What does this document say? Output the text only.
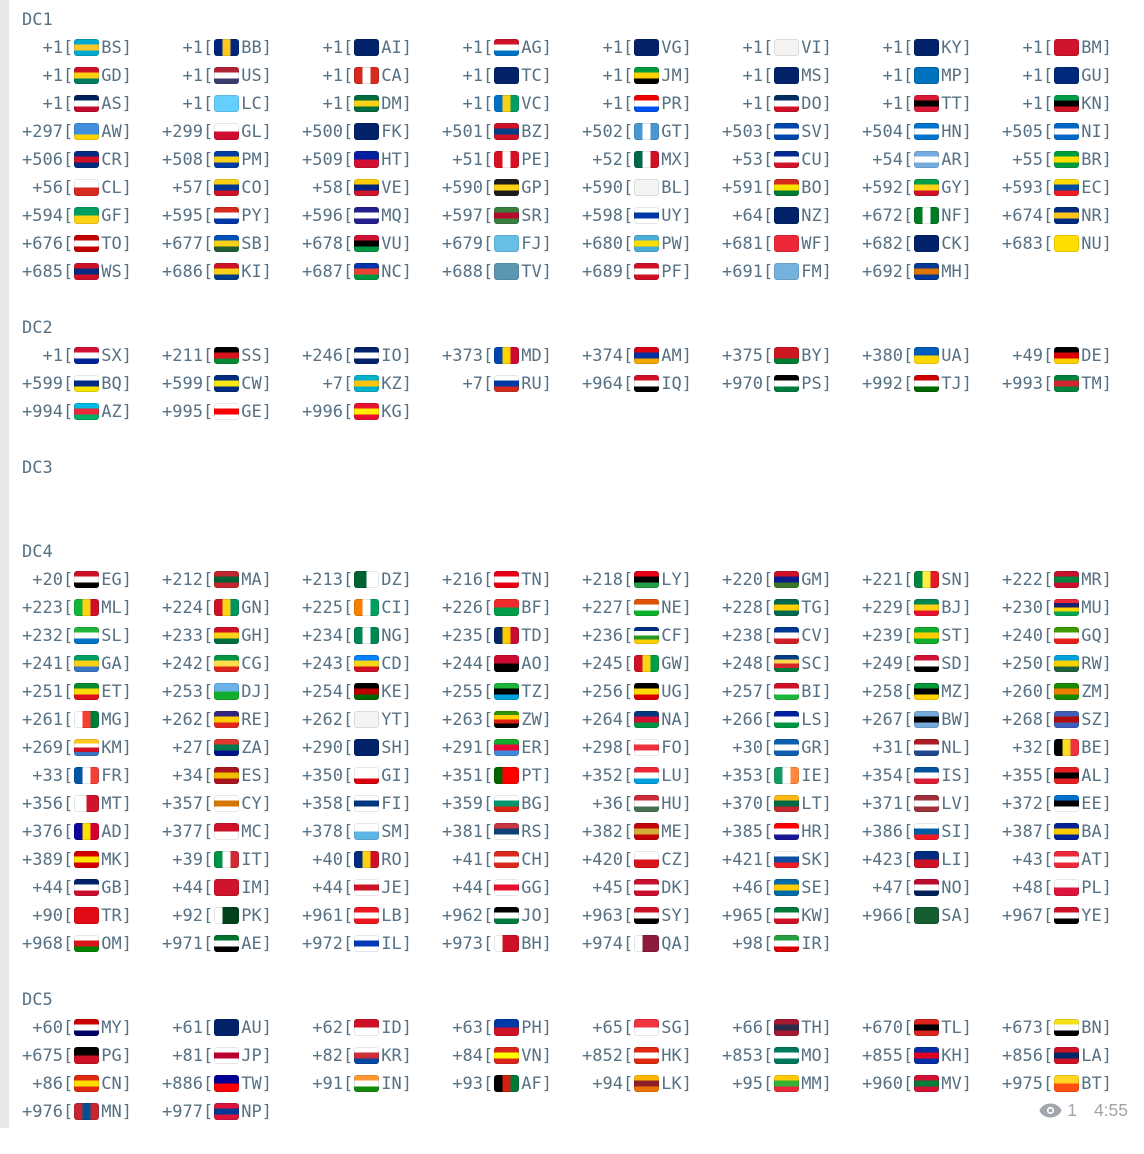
DC1
+1[ BS]	+1[ BB]	+1[ AI]	+1[ AG]	+1[ VG]	+1[ VI]	+1[ KY]	+1[ BM]
+1[ GD]	+1[ US]	+1[ CA]	+1[ TC]	+1[ JM]	+1[ MS]	+1[ MP]	+1[ GU]
+1[ AS]	+1[ LC]	+1[ DM]	+1[ VC]	+1[ PR]	+1[ DO]	+1[ TT]	+1[ KN]
+297[ AW]	+299[ GL]	+500[ FK]	+501[ BZ]	+502[ GT]	+503[ SV]	+504[ HN]	+505[ NI]
+506[ CR]	+508[ PM]	+509[ HT]	+51[ PE]	+52[ MX]	+53[ CU]	+54[ AR]	+55[ BR]
+56[ CL]	+57[ CO]	+58[ VE]	+590[ GP]	+590[ BL]	+591[ BO]	+592[ GY]	+593[ EC]
+594[ GF]	+595[ PY]	+596[ MQ]	+597[ SR]	+598[ UY]	+64[ NZ]	+672[ NF]	+674[ NR]
+676[ TO]	+677[ SB]	+678[ VU]	+679[ FJ]	+680[ PW]	+681[ WF]	+682[ CK]	+683[ NU]
+685[ WS]	+686[ KI]	+687[ NC]	+688[ TV]	+689[ PF]	+691[ FM]	+692[ MH]
DC2
+1[ SX]	+211[ SS]	+246[ IO]	+373[ MD]	+374[ AM]	+375[ BY]	+380[ UA]	+49[ DE]
+599[ BQ]	+599[ CW]	+7[ KZ]	+7[ RU]	+964[ IQ]	+970[ PS]	+992[ TJ]	+993[ TM]
+994[ AZ]	+995[ GE]	+996[ KG]
DC3
DC4
+20[ EG]	+212[ MA]	+213[ DZ]	+216[ TN]	+218[ LY]	+220[ GM]	+221[ SN]	+222[ MR]
+223[ ML]	+224[ GN]	+225[ CI]	+226[ BF]	+227[ NE]	+228[ TG]	+229[ BJ]	+230[ MU]
+232[ SL]	+233[ GH]	+234[ NG]	+235[ TD]	+236[ CF]	+238[ CV]	+239[ ST]	+240[ GQ]
+241[ GA]	+242[ CG]	+243[ CD]	+244[ AO]	+245[ GW]	+248[ SC]	+249[ SD]	+250[ RW]
+251[ ET]	+253[ DJ]	+254[ KE]	+255[ TZ]	+256[ UG]	+257[ BI]	+258[ MZ]	+260[ ZM]
+261[ MG]	+262[ RE]	+262[ YT]	+263[ ZW]	+264[ NA]	+266[ LS]	+267[ BW]	+268[ SZ]
+269[ KM]	+27[ ZA]	+290[ SH]	+291[ ER]	+298[ FO]	+30[ GR]	+31[ NL]	+32[ BE]
+33[ FR]	+34[ ES]	+350[ GI]	+351[ PT]	+352[ LU]	+353[ IE]	+354[ IS]	+355[ AL]
+356[ MT]	+357[ CY]	+358[ FI]	+359[ BG]	+36[ HU]	+370[ LT]	+371[ LV]	+372[ EE]
+376[ AD]	+377[ MC]	+378[ SM]	+381[ RS]	+382[ ME]	+385[ HR]	+386[ SI]	+387[ BA]
+389[ MK]	+39[ IT]	+40[ RO]	+41[ CH]	+420[ CZ]	+421[ SK]	+423[ LI]	+43[ AT]
+44[ GB]	+44[ IM]	+44[ JE]	+44[ GG]	+45[ DK]	+46[ SE]	+47[ NO]	+48[ PL]
+90[ TR]	+92[ PK]	+961[ LB]	+962[ JO]	+963[ SY]	+965[ KW]	+966[ SA]	+967[ YE]
+968[ OM]	+971[ AE]	+972[ IL]	+973[ BH]	+974[ QA]	+98[ IR]
DC5
+60[ MY]	+61[ AU]	+62[ ID]	+63[ PH]	+65[ SG]	+66[ TH]	+670[ TL]	+673[ BN]
+675[ PG]	+81[ JP]	+82[ KR]	+84[ VN]	+852[ HK]	+853[ MO]	+855[ KH]	+856[ LA]
+86[ CN]	+886[ TW]	+91[ IN]	+93[ AF]	+94[ LK]	+95[ MM]	+960[ MV]	+975[ BT]
+976[ MN]	+977[ NP]	1 4:55
